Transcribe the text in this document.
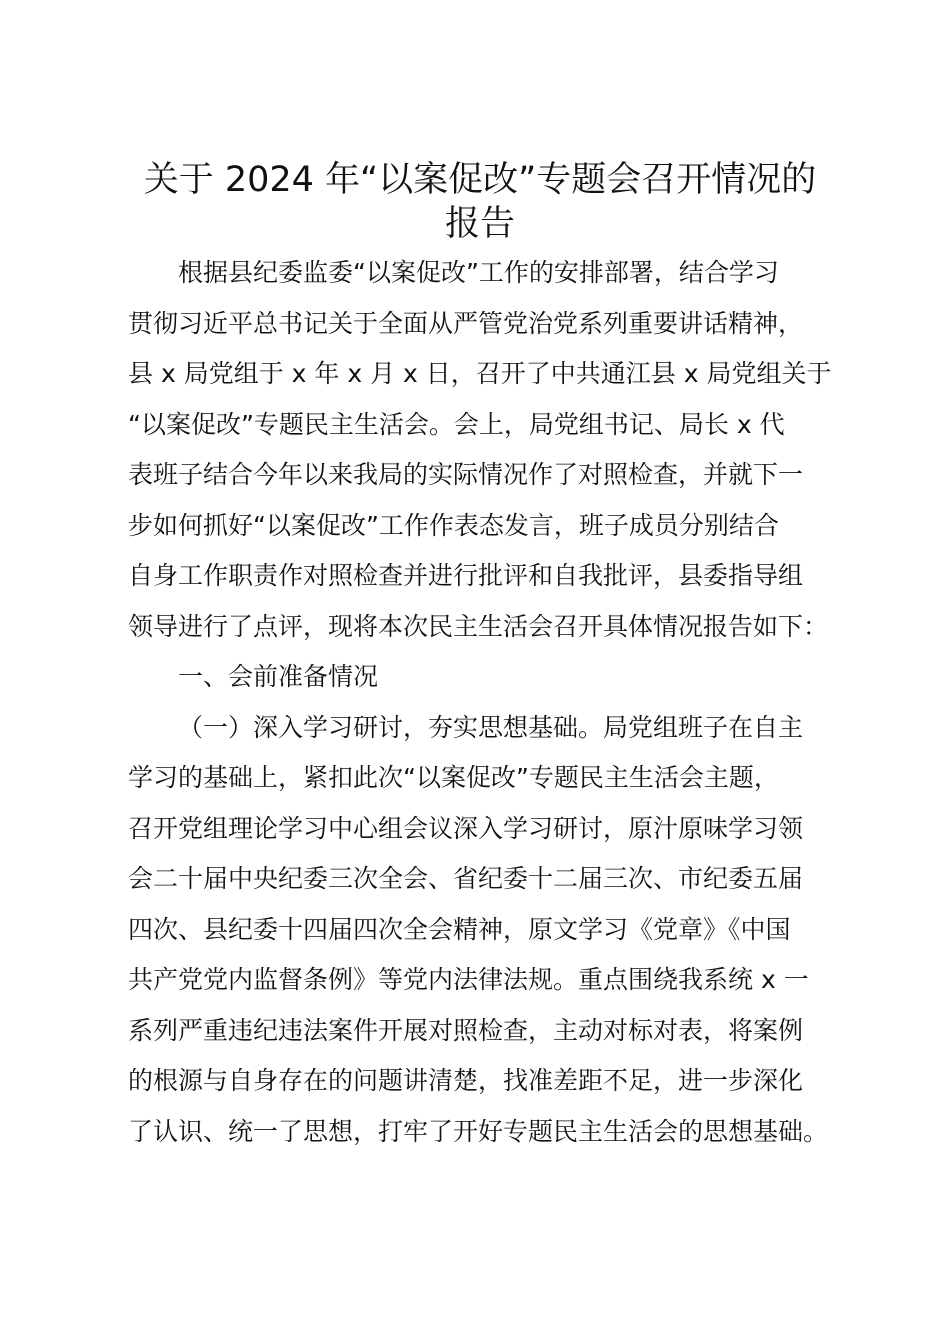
关于 2024 年“以案促改”专题会召开情况的
报告
根据县纪委监委“以案促改”工作的安排部署，结合学习
贯彻习近平总书记关于全面从严管党治党系列重要讲话精神，
县 x 局党组于 x 年 x 月 x 日，召开了中共通江县 x 局党组关于
“以案促改”专题民主生活会。会上，局党组书记、局长 x 代
表班子结合今年以来我局的实际情况作了对照检查，并就下一
步如何抓好“以案促改”工作作表态发言，班子成员分别结合
自身工作职责作对照检查并进行批评和自我批评，县委指导组
领导进行了点评，现将本次民主生活会召开具体情况报告如下：
一、会前准备情况
（一）深入学习研讨，夯实思想基础。局党组班子在自主
学习的基础上，紧扣此次“以案促改”专题民主生活会主题，
召开党组理论学习中心组会议深入学习研讨，原汁原味学习领
会二十届中央纪委三次全会、省纪委十二届三次、市纪委五届
四次、县纪委十四届四次全会精神，原文学习《党章》《中国
共产党党内监督条例》等党内法律法规。重点围绕我系统 x 一
系列严重违纪违法案件开展对照检查，主动对标对表，将案例
的根源与自身存在的问题讲清楚，找准差距不足，进一步深化
了认识、统一了思想，打牢了开好专题民主生活会的思想基础。
